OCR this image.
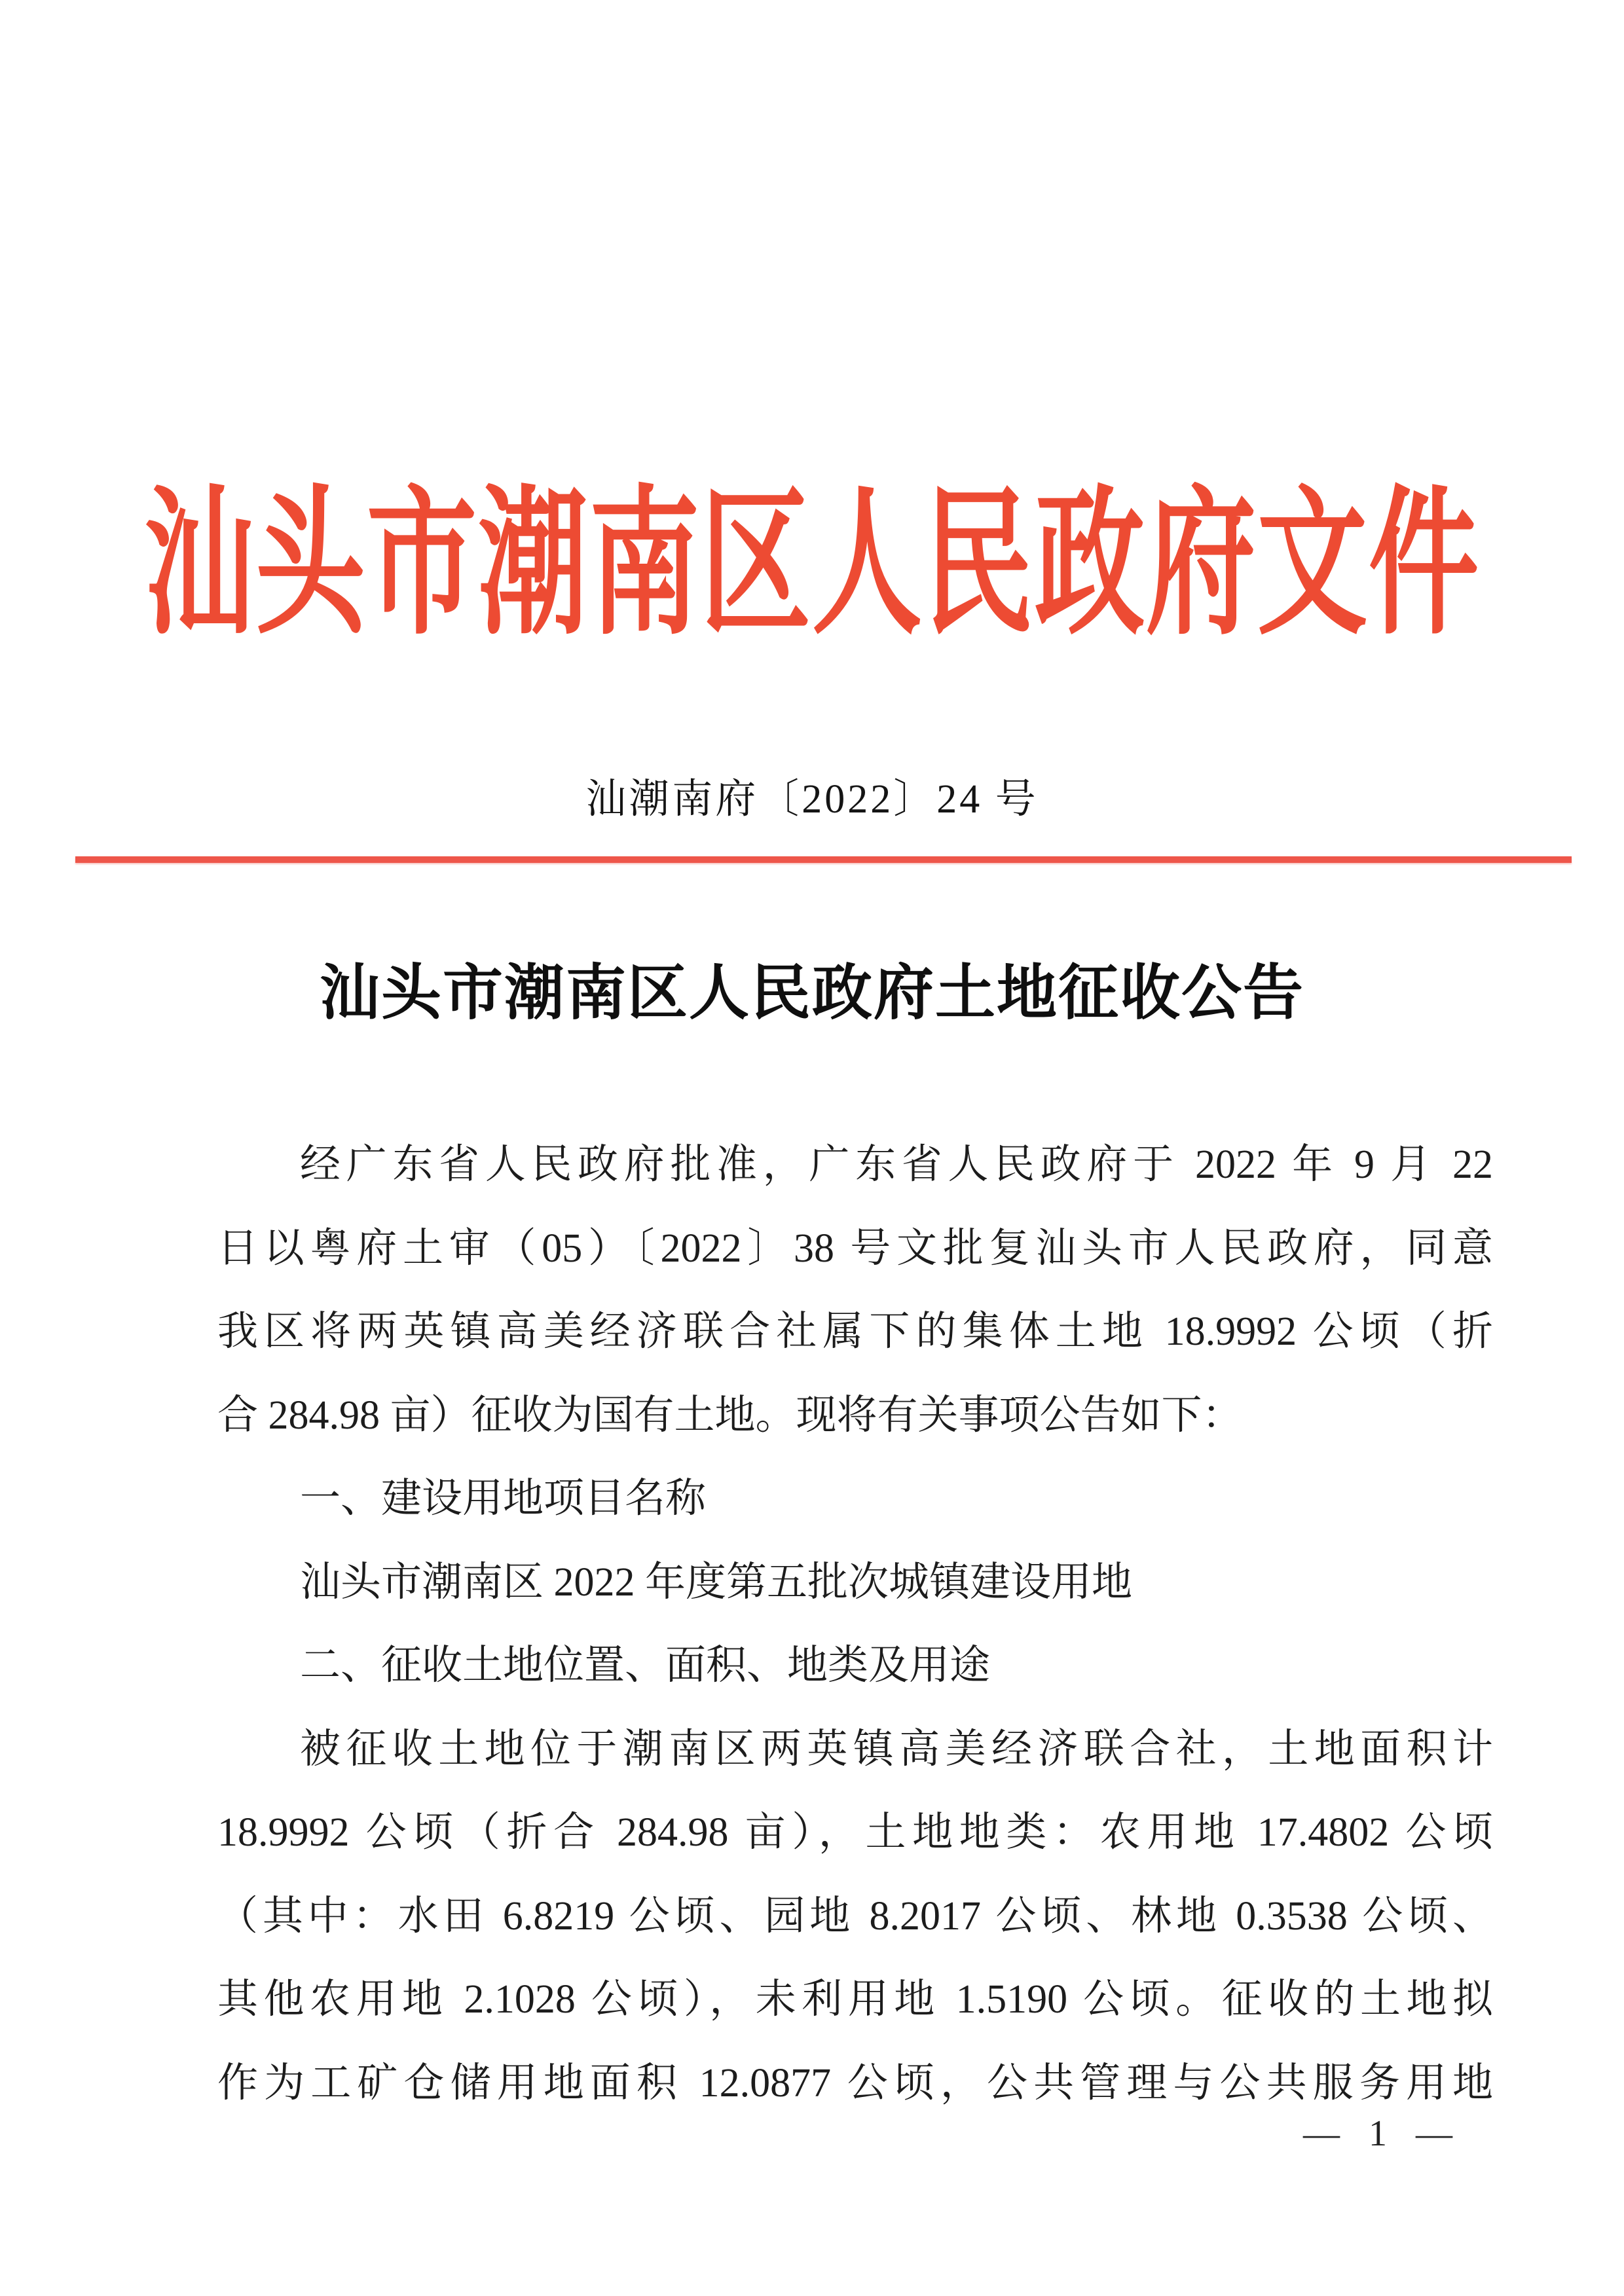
汕头市潮南区人民政府文件
汕潮南府〔2022〕24 号
汕头市潮南区人民政府土地征收公告
经广东省人民政府批准，广东省人民政府于 2022 年 9 月 22
日以粤府土审（05）〔2022〕38 号文批复汕头市人民政府，同意
我区将两英镇高美经济联合社属下的集体土地 18.9992 公顷（折
合 284.98 亩）征收为国有土地。现将有关事项公告如下：
一、建设用地项目名称
汕头市潮南区 2022 年度第五批次城镇建设用地
二、征收土地位置、面积、地类及用途
被征收土地位于潮南区两英镇高美经济联合社，土地面积计
18.9992 公顷（折合 284.98 亩），土地地类：农用地 17.4802 公顷
（其中：水田 6.8219 公顷、园地 8.2017 公顷、林地 0.3538 公顷、
其他农用地 2.1028 公顷），未利用地 1.5190 公顷。征收的土地拟
作为工矿仓储用地面积 12.0877 公顷，公共管理与公共服务用地
— 1 —
